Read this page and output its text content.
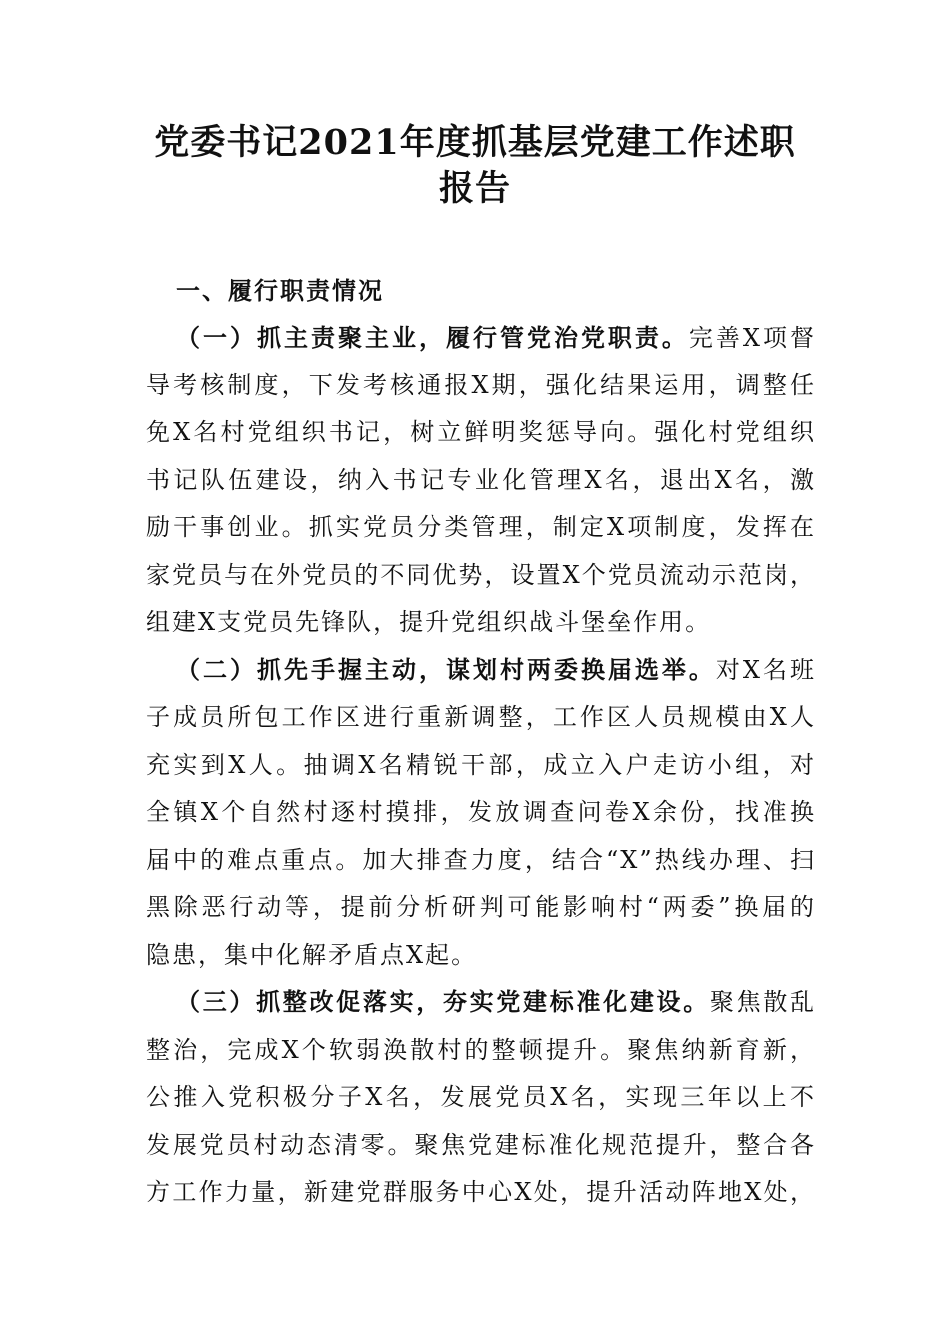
党委书记2021年度抓基层党建工作述职
报告
一、履行职责情况
（一）抓主责聚主业，履行管党治党职责。完善X项督
导考核制度，下发考核通报X期，强化结果运用，调整任
免X名村党组织书记，树立鲜明奖惩导向。强化村党组织
书记队伍建设，纳入书记专业化管理X名，退出X名，激
励干事创业。抓实党员分类管理，制定X项制度，发挥在
家党员与在外党员的不同优势，设置X个党员流动示范岗，
组建X支党员先锋队，提升党组织战斗堡垒作用。
（二）抓先手握主动，谋划村两委换届选举。对X名班
子成员所包工作区进行重新调整，工作区人员规模由X人
充实到X人。抽调X名精锐干部，成立入户走访小组，对
全镇X个自然村逐村摸排，发放调查问卷X余份，找准换
届中的难点重点。加大排查力度，结合“X”热线办理、扫
黑除恶行动等，提前分析研判可能影响村“两委”换届的
隐患，集中化解矛盾点X起。
（三）抓整改促落实，夯实党建标准化建设。聚焦散乱
整治，完成X个软弱涣散村的整顿提升。聚焦纳新育新，
公推入党积极分子X名，发展党员X名，实现三年以上不
发展党员村动态清零。聚焦党建标准化规范提升，整合各
方工作力量，新建党群服务中心X处，提升活动阵地X处，
